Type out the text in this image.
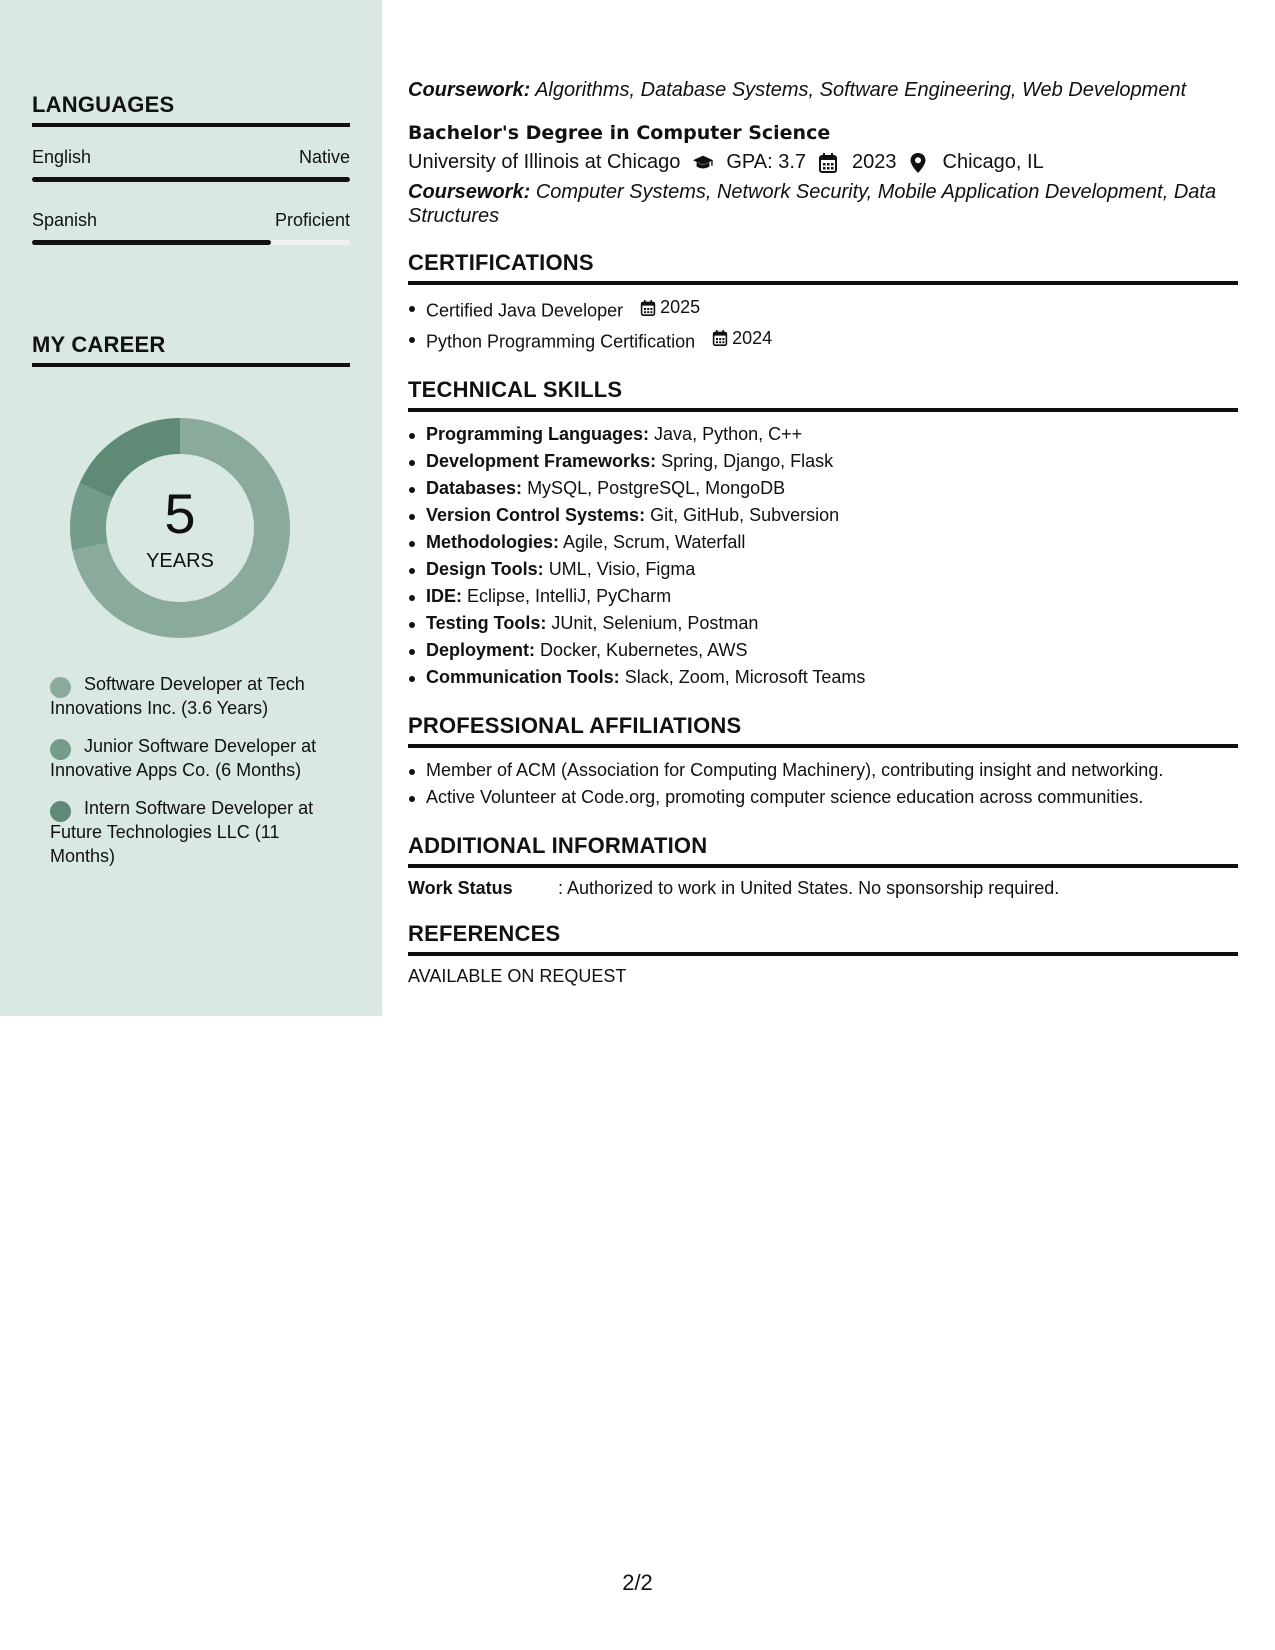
LANGUAGES
English	Native
Spanish	Proficient
MY CAREER
5
YEARS
Software Developer at Tech Innovations Inc. (3.6 Years)
Junior Software Developer at Innovative Apps Co. (6 Months)
Intern Software Developer at Future Technologies LLC (11 Months)
Coursework: Algorithms, Database Systems, Software Engineering, Web Development
Bachelor's Degree in Computer Science
University of Illinois at Chicago GPA: 3.7 2023 Chicago, IL
Coursework: Computer Systems, Network Security, Mobile Application Development, Data Structures
CERTIFICATIONS
Certified Java Developer 2025
Python Programming Certification 2024
TECHNICAL SKILLS
Programming Languages: Java, Python, C++
Development Frameworks: Spring, Django, Flask
Databases: MySQL, PostgreSQL, MongoDB
Version Control Systems: Git, GitHub, Subversion
Methodologies: Agile, Scrum, Waterfall
Design Tools: UML, Visio, Figma
IDE: Eclipse, IntelliJ, PyCharm
Testing Tools: JUnit, Selenium, Postman
Deployment: Docker, Kubernetes, AWS
Communication Tools: Slack, Zoom, Microsoft Teams
PROFESSIONAL AFFILIATIONS
Member of ACM (Association for Computing Machinery), contributing insight and networking.
Active Volunteer at Code.org, promoting computer science education across communities.
ADDITIONAL INFORMATION
Work Status	: Authorized to work in United States. No sponsorship required.
REFERENCES
AVAILABLE ON REQUEST
2/2
